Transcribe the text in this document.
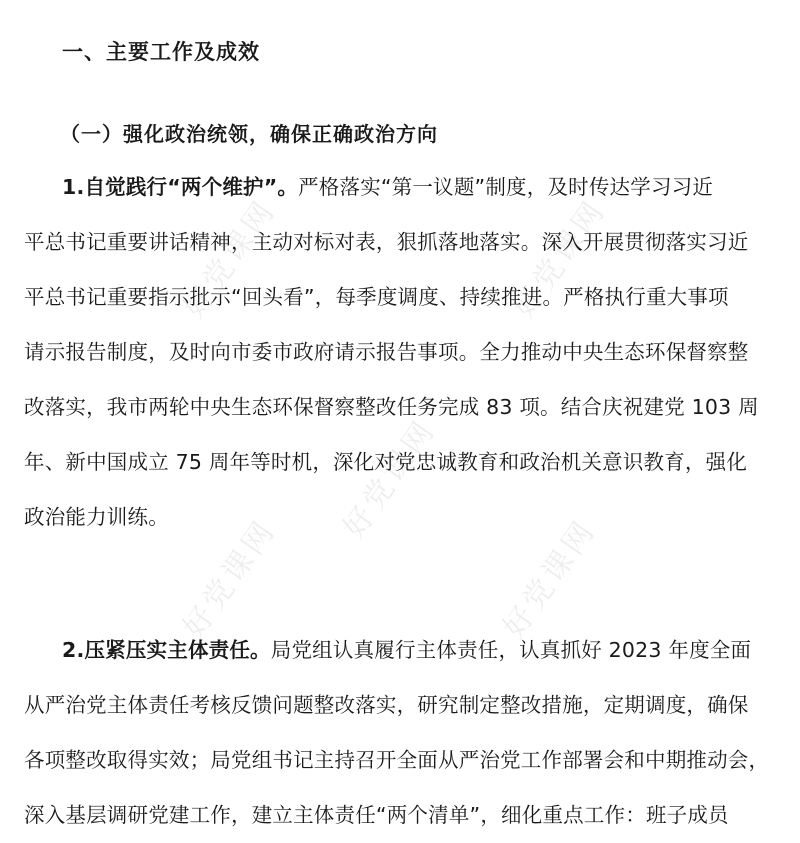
好党课网	好党课网
好党课网
好党课网	好党课网
一、主要工作及成效
（一）强化政治统领，确保正确政治方向
1.自觉践行“两个维护”。严格落实“第一议题”制度，及时传达学习习近
平总书记重要讲话精神，主动对标对表，狠抓落地落实。深入开展贯彻落实习近
平总书记重要指示批示“回头看”，每季度调度、持续推进。严格执行重大事项
请示报告制度，及时向市委市政府请示报告事项。全力推动中央生态环保督察整
改落实，我市两轮中央生态环保督察整改任务完成 83 项。结合庆祝建党 103 周
年、新中国成立 75 周年等时机，深化对党忠诚教育和政治机关意识教育，强化
政治能力训练。
2.压紧压实主体责任。局党组认真履行主体责任，认真抓好 2023 年度全面
从严治党主体责任考核反馈问题整改落实，研究制定整改措施，定期调度，确保
各项整改取得实效；局党组书记主持召开全面从严治党工作部署会和中期推动会，
深入基层调研党建工作，建立主体责任“两个清单”，细化重点工作：班子成员
